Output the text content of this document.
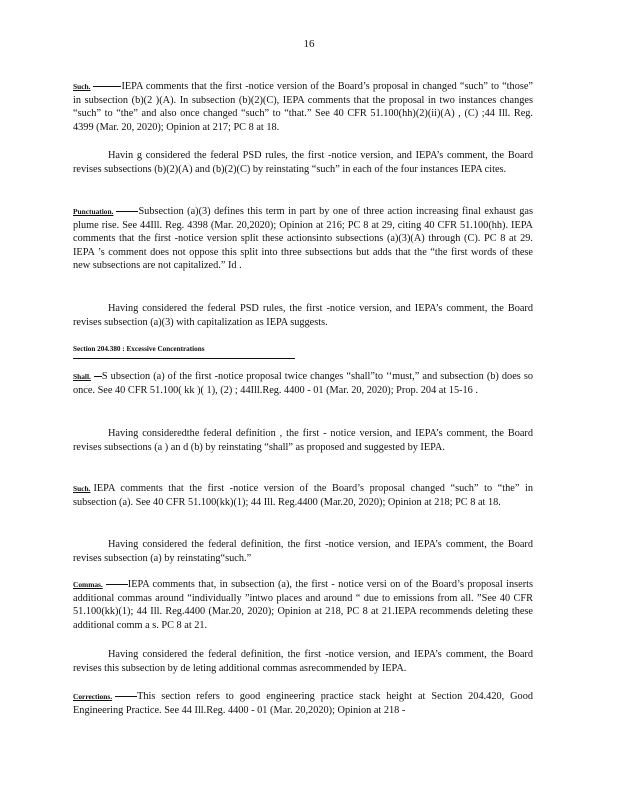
16

Such.	IEPA comments that the first -notice version of the Board’s proposal in changed “such” to “those” in subsection (b)(2 )(A). In subsection (b)(2)(C), IEPA comments that the proposal in two instances changes “such” to “the” and also once changed “such” to “that.” See 40 CFR 51.100(hh)(2)(ii)(A) , (C) ;44 Ill. Reg. 4399 (Mar. 20, 2020); Opinion at 217; PC 8 at 18.

Havin g considered the federal PSD rules, the first -notice version, and IEPA’s comment, the Board revises subsections (b)(2)(A) and (b)(2)(C) by reinstating “such” in each of the four instances IEPA cites.

Punctuation. Subsection (a)(3) defines this term in part by one of three action increasing final exhaust gas plume rise. See 44Ill. Reg. 4398 (Mar. 20,2020); Opinion at 216; PC 8 at 29, citing 40 CFR 51.100(hh). IEPA comments that the first -notice version split these actionsinto subsections (a)(3)(A) through (C). PC 8 at 29. IEPA ’s comment does not oppose this split into three subsections but adds that the “the first words of these new subsections are not capitalized.” Id .

Having considered the federal PSD rules, the first -notice version, and IEPA’s comment, the Board revises subsection (a)(3) with capitalization as IEPA suggests.

Section 204.380 : Excessive Concentrations

Shall. S ubsection (a) of the first -notice proposal twice changes “shall”to ‘‘must,” and subsection (b) does so once. See 40 CFR 51.100( kk )( 1), (2) ; 44Ill.Reg. 4400 - 01 (Mar. 20, 2020); Prop. 204 at 15-16 .

Having consideredthe federal definition , the first - notice version, and IEPA’s comment, the Board revises subsections (a ) an d (b) by reinstating “shall” as proposed and suggested by IEPA.

Such. IEPA comments that the first -notice version of the Board’s proposal changed “such” to “the” in subsection (a). See 40 CFR 51.100(kk)(1); 44 Ill. Reg.4400 (Mar.20, 2020); Opinion at 218; PC 8 at 18.

Having considered the federal definition, the first -notice version, and IEPA’s comment, the Board revises subsection (a) by reinstating“such.”

Commas. IEPA comments that, in subsection (a), the first - notice versi on of the Board’s proposal inserts additional commas around “individually ”intwo places and around “ due to emissions from all. ”See 40 CFR 51.100(kk)(1); 44 Ill. Reg.4400 (Mar.20, 2020); Opinion at 218, PC 8 at 21.IEPA recommends deleting these additional comm a s. PC 8 at 21.

Having considered the federal definition, the first -notice version, and IEPA’s comment, the Board revises this subsection by de leting additional commas asrecommended by IEPA.

Corrections. This section refers to good engineering practice stack height at Section 204.420, Good Engineering Practice. See 44 Ill.Reg. 4400 - 01 (Mar. 20,2020); Opinion at 218 -
